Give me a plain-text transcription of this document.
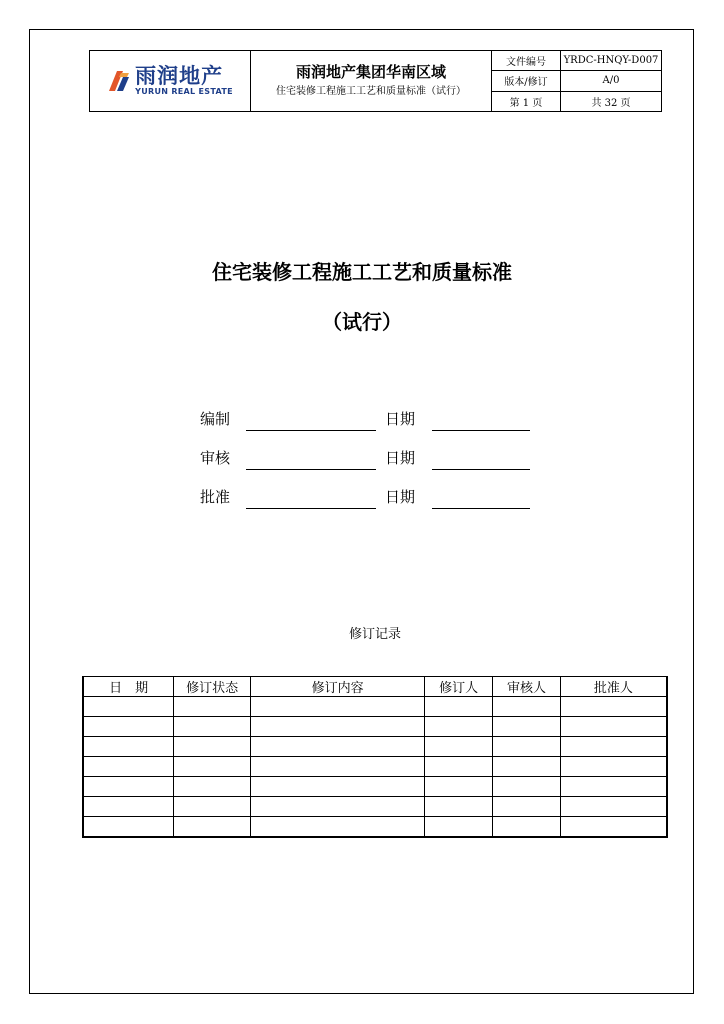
雨润地产
YURUN REAL ESTATE
雨润地产集团华南区域
住宅装修工程施工工艺和质量标准（试行）
文件编号	YRDC-HNQY-D007
版本/修订	A/0
第 1 页	共 32 页
住宅装修工程施工工艺和质量标准
（试行）
编制	日期
审核	日期
批准	日期
修订记录
日　期	修订状态	修订内容	修订人	审核人	批准人
